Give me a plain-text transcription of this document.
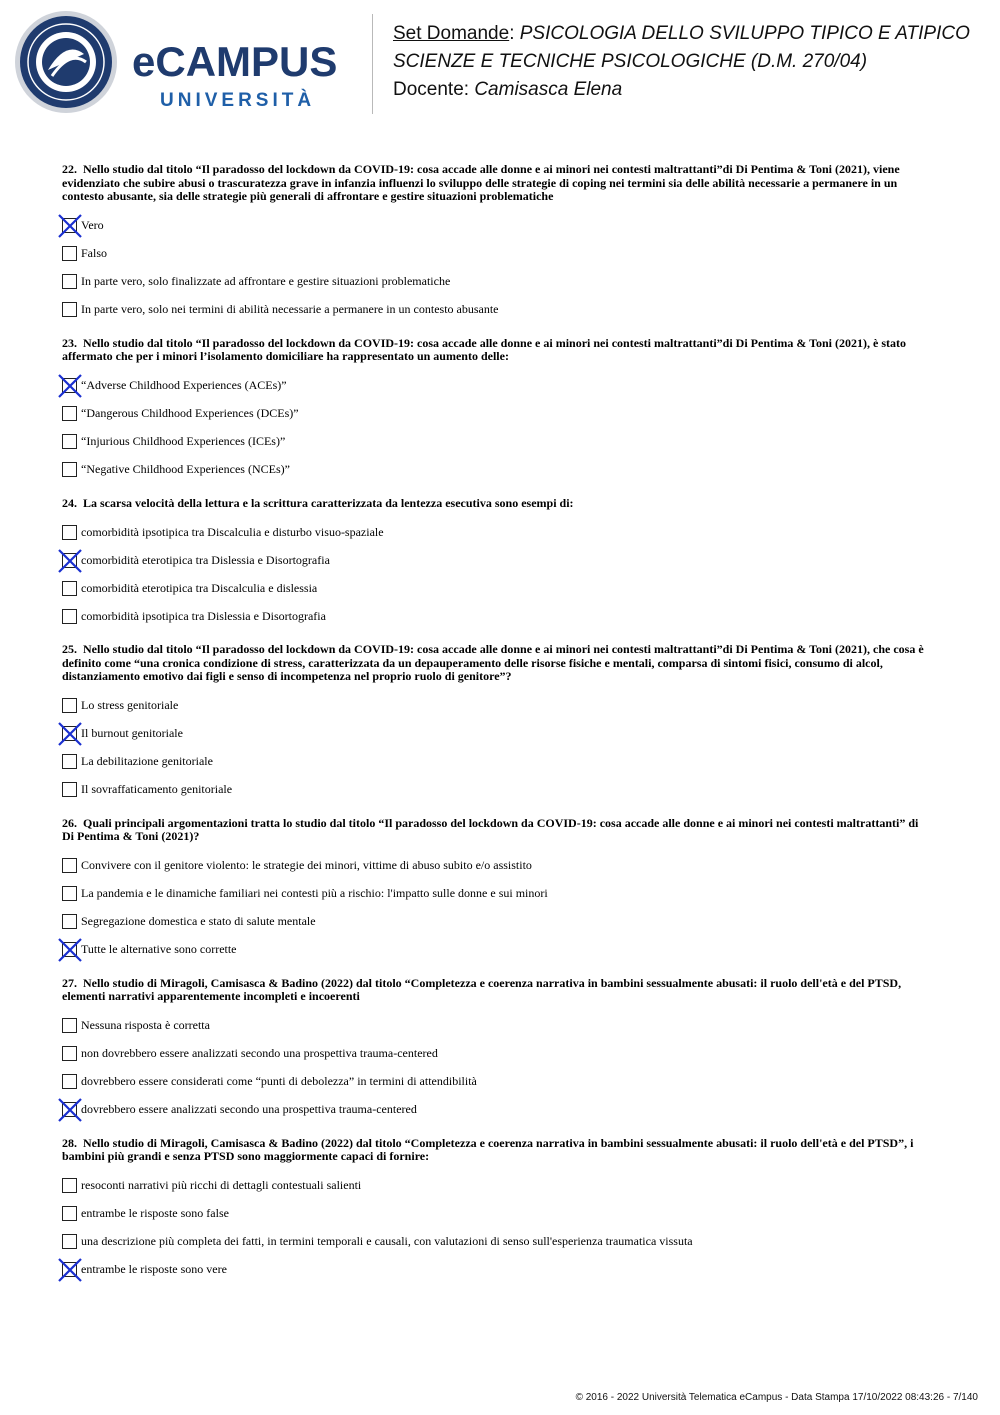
eCAMPUS
UNIVERSITÀ
Set Domande: PSICOLOGIA DELLO SVILUPPO TIPICO E ATIPICO
SCIENZE E TECNICHE PSICOLOGICHE (D.M. 270/04)
Docente: Camisasca Elena
22. Nello studio dal titolo “Il paradosso del lockdown da COVID-19: cosa accade alle donne e ai minori nei contesti maltrattanti”di Di Pentima & Toni (2021), viene evidenziato che subire abusi o trascuratezza grave in infanzia influenzi lo sviluppo delle strategie di coping nei termini sia delle abilità necessarie a permanere in un contesto abusante, sia delle strategie più generali di affrontare e gestire situazioni problematiche
Vero
Falso
In parte vero, solo finalizzate ad affrontare e gestire situazioni problematiche
In parte vero, solo nei termini di abilità necessarie a permanere in un contesto abusante
23. Nello studio dal titolo “Il paradosso del lockdown da COVID-19: cosa accade alle donne e ai minori nei contesti maltrattanti”di Di Pentima & Toni (2021), è stato affermato che per i minori l’isolamento domiciliare ha rappresentato un aumento delle:
“Adverse Childhood Experiences (ACEs)”
“Dangerous Childhood Experiences (DCEs)”
“Injurious Childhood Experiences (ICEs)”
“Negative Childhood Experiences (NCEs)”
24. La scarsa velocità della lettura e la scrittura caratterizzata da lentezza esecutiva sono esempi di:
comorbidità ipsotipica tra Discalculia e disturbo visuo-spaziale
comorbidità eterotipica tra Dislessia e Disortografia
comorbidità eterotipica tra Discalculia e dislessia
comorbidità ipsotipica tra Dislessia e Disortografia
25. Nello studio dal titolo “Il paradosso del lockdown da COVID-19: cosa accade alle donne e ai minori nei contesti maltrattanti”di Di Pentima & Toni (2021), che cosa è definito come “una cronica condizione di stress, caratterizzata da un depauperamento delle risorse fisiche e mentali, comparsa di sintomi fisici, consumo di alcol, distanziamento emotivo dai figli e senso di incompetenza nel proprio ruolo di genitore”?
Lo stress genitoriale
Il burnout genitoriale
La debilitazione genitoriale
Il sovraffaticamento genitoriale
26. Quali principali argomentazioni tratta lo studio dal titolo “Il paradosso del lockdown da COVID-19: cosa accade alle donne e ai minori nei contesti maltrattanti” di Di Pentima & Toni (2021)?
Convivere con il genitore violento: le strategie dei minori, vittime di abuso subito e/o assistito
La pandemia e le dinamiche familiari nei contesti più a rischio: l'impatto sulle donne e sui minori
Segregazione domestica e stato di salute mentale
Tutte le alternative sono corrette
27. Nello studio di Miragoli, Camisasca & Badino (2022) dal titolo “Completezza e coerenza narrativa in bambini sessualmente abusati: il ruolo dell'età e del PTSD, elementi narrativi apparentemente incompleti e incoerenti
Nessuna risposta è corretta
non dovrebbero essere analizzati secondo una prospettiva trauma-centered
dovrebbero essere considerati come “punti di debolezza” in termini di attendibilità
dovrebbero essere analizzati secondo una prospettiva trauma-centered
28. Nello studio di Miragoli, Camisasca & Badino (2022) dal titolo “Completezza e coerenza narrativa in bambini sessualmente abusati: il ruolo dell'età e del PTSD”, i bambini più grandi e senza PTSD sono maggiormente capaci di fornire:
resoconti narrativi più ricchi di dettagli contestuali salienti
entrambe le risposte sono false
una descrizione più completa dei fatti, in termini temporali e causali, con valutazioni di senso sull'esperienza traumatica vissuta
entrambe le risposte sono vere
© 2016 - 2022 Università Telematica eCampus - Data Stampa 17/10/2022 08:43:26 - 7/140
